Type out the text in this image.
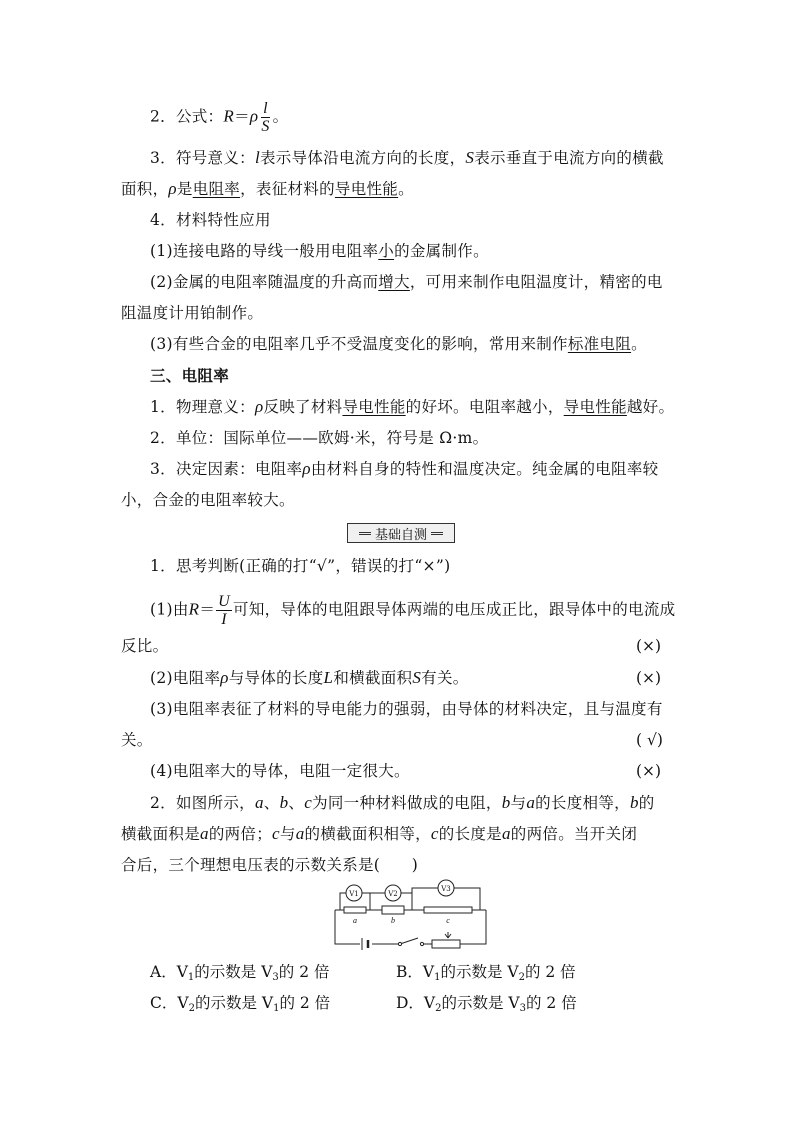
2．公式：$R=\rho \frac{l}{S}$ 。
3．符号意义：l表示导体沿电流方向的长度，S表示垂直于电流方向的横截
面积，ρ是电阻率，表征材料的导电性能。
4．材料特性应用
(1)连接电路的导线一般用电阻率小的金属制作。
(2)金属的电阻率随温度的升高而增大，可用来制作电阻温度计，精密的电
阻温度计用铂制作。
(3)有些合金的电阻率几乎不受温度变化的影响，常用来制作标准电阻。
三、电阻率
1．物理意义：ρ反映了材料导电性能的好坏。电阻率越小，导电性能越好。
2．单位：国际单位——欧姆·米，符号是 Ω·m。
3．决定因素：电阻率ρ由材料自身的特性和温度决定。纯金属的电阻率较
小，合金的电阻率较大。
基础自测
1．思考判断(正确的打“√”，错误的打“×”)
(1)由$R= \frac{U}{I}$ 可知，导体的电阻跟导体两端的电压成正比，跟导体中的电流成
反比。	(×)
(2)电阻率ρ与导体的长度L和横截面积S有关。	(×)
(3)电阻率表征了材料的导电能力的强弱，由导体的材料决定，且与温度有
关。	( √)
(4)电阻率大的导体，电阻一定很大。	(×)
2．如图所示，a、b、c为同一种材料做成的电阻，b与a的长度相等，b的
横截面积是a的两倍；c与a的横截面积相等，c的长度是a的两倍。当开关闭
合后，三个理想电压表的示数关系是(　　)
V1	V2
V3
a	b	c
A．$V_1$的示数是 $V_3$的 2 倍	B．$V_1$的示数是 $V_2$的 2 倍
C．$V_2$的示数是 $V_1$的 2 倍	D．$V_2$的示数是 $V_3$的 2 倍
